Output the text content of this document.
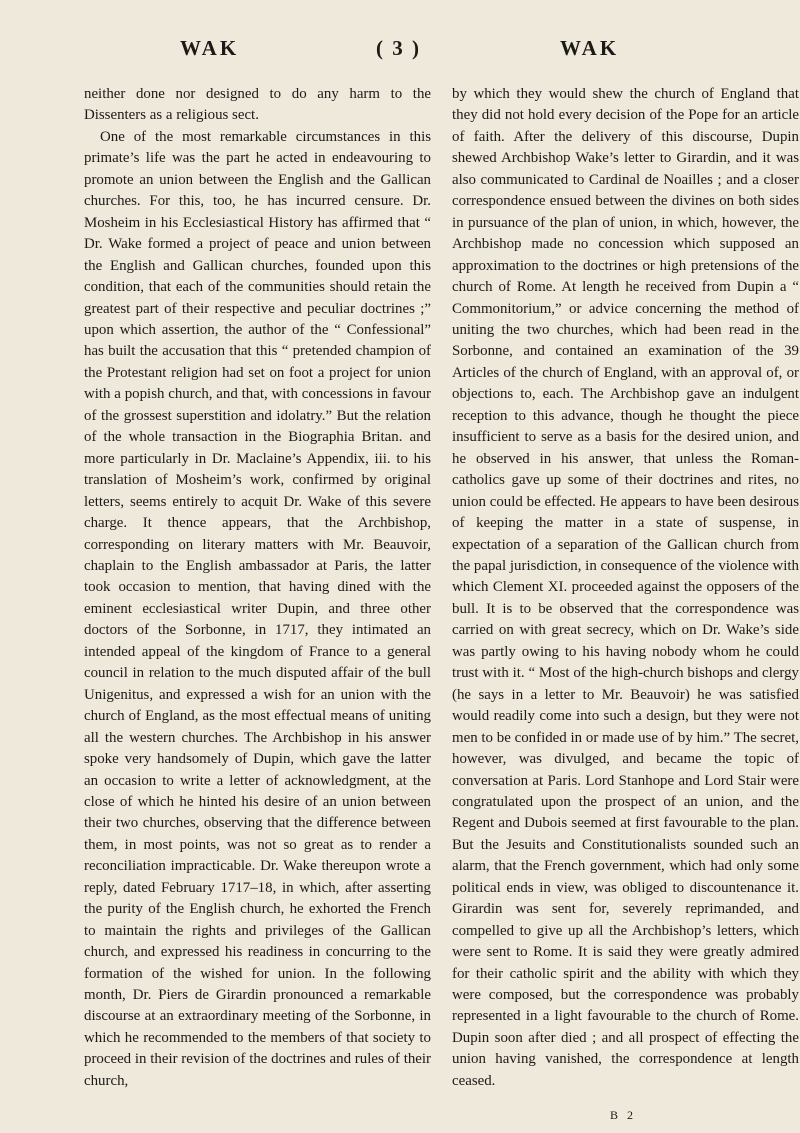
WAK	( 3 )	WAK

neither done nor designed to do any harm to the Dissenters as a religious sect.

One of the most remarkable circumstances in this primate’s life was the part he acted in endeavouring to promote an union between the English and the Gallican churches. For this, too, he has incurred censure. Dr. Mosheim in his Ecclesiastical History has affirmed that “ Dr. Wake formed a project of peace and union between the English and Gallican churches, founded upon this condition, that each of the communities should retain the greatest part of their respective and peculiar doctrines ;” upon which assertion, the author of the “ Confessional” has built the accusation that this “ pretended champion of the Protestant religion had set on foot a project for union with a popish church, and that, with concessions in favour of the grossest superstition and idolatry.” But the relation of the whole transaction in the Biographia Britan. and more particularly in Dr. Maclaine’s Appendix, iii. to his translation of Mosheim’s work, confirmed by original letters, seems entirely to acquit Dr. Wake of this severe charge. It thence appears, that the Archbishop, corresponding on literary matters with Mr. Beauvoir, chaplain to the English ambassador at Paris, the latter took occasion to mention, that having dined with the eminent ecclesiastical writer Dupin, and three other doctors of the Sorbonne, in 1717, they intimated an intended appeal of the kingdom of France to a general council in relation to the much disputed affair of the bull Unigenitus, and expressed a wish for an union with the church of England, as the most effectual means of uniting all the western churches. The Archbishop in his answer spoke very handsomely of Dupin, which gave the latter an occasion to write a letter of acknowledgment, at the close of which he hinted his desire of an union between their two churches, observing that the difference between them, in most points, was not so great as to render a reconciliation impracticable. Dr. Wake thereupon wrote a reply, dated February 1717–18, in which, after asserting the purity of the English church, he exhorted the French to maintain the rights and privileges of the Gallican church, and expressed his readiness in concurring to the formation of the wished for union. In the following month, Dr. Piers de Girardin pronounced a remarkable discourse at an extraordinary meeting of the Sorbonne, in which he recommended to the members of that society to proceed in their revision of the doctrines and rules of their church,

by which they would shew the church of England that they did not hold every decision of the Pope for an article of faith. After the delivery of this discourse, Dupin shewed Archbishop Wake’s letter to Girardin, and it was also communicated to Cardinal de Noailles ; and a closer correspondence ensued between the divines on both sides in pursuance of the plan of union, in which, however, the Archbishop made no concession which supposed an approximation to the doctrines or high pretensions of the church of Rome. At length he received from Dupin a “ Commonitorium,” or advice concerning the method of uniting the two churches, which had been read in the Sorbonne, and contained an examination of the 39 Articles of the church of England, with an approval of, or objections to, each. The Archbishop gave an indulgent reception to this advance, though he thought the piece insufficient to serve as a basis for the desired union, and he observed in his answer, that unless the Roman-catholics gave up some of their doctrines and rites, no union could be effected. He appears to have been desirous of keeping the matter in a state of suspense, in expectation of a separation of the Gallican church from the papal jurisdiction, in consequence of the violence with which Clement XI. proceeded against the opposers of the bull. It is to be observed that the correspondence was carried on with great secrecy, which on Dr. Wake’s side was partly owing to his having nobody whom he could trust with it. “ Most of the high-church bishops and clergy (he says in a letter to Mr. Beauvoir) he was satisfied would readily come into such a design, but they were not men to be confided in or made use of by him.” The secret, however, was divulged, and became the topic of conversation at Paris. Lord Stanhope and Lord Stair were congratulated upon the prospect of an union, and the Regent and Dubois seemed at first favourable to the plan. But the Jesuits and Constitutionalists sounded such an alarm, that the French government, which had only some political ends in view, was obliged to discountenance it. Girardin was sent for, severely reprimanded, and compelled to give up all the Archbishop’s letters, which were sent to Rome. It is said they were greatly admired for their catholic spirit and the ability with which they were composed, but the correspondence was probably represented in a light favourable to the church of Rome. Dupin soon after died ; and all prospect of effecting the union having vanished, the correspondence at length ceased.

B 2
